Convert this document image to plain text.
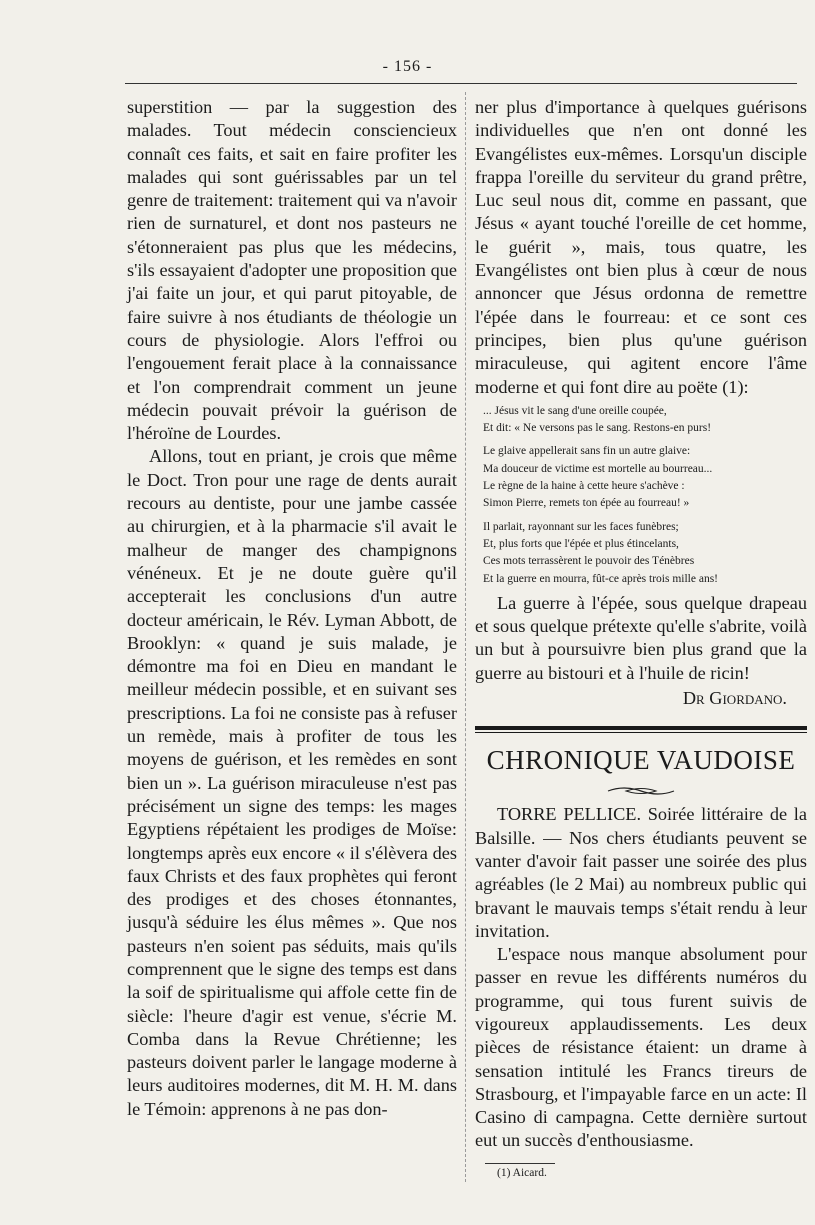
- 156 -

superstition — par la suggestion des malades. Tout médecin consciencieux connaît ces faits, et sait en faire profiter les malades qui sont guérissables par un tel genre de traitement: traitement qui va n'avoir rien de surnaturel, et dont nos pasteurs ne s'étonneraient pas plus que les médecins, s'ils essayaient d'adopter une proposition que j'ai faite un jour, et qui parut pitoyable, de faire suivre à nos étudiants de théologie un cours de physiologie. Alors l'effroi ou l'engouement ferait place à la connaissance et l'on comprendrait comment un jeune médecin pouvait prévoir la guérison de l'héroïne de Lourdes.

Allons, tout en priant, je crois que même le Doct. Tron pour une rage de dents aurait recours au dentiste, pour une jambe cassée au chirurgien, et à la pharmacie s'il avait le malheur de manger des champignons vénéneux. Et je ne doute guère qu'il accepterait les conclusions d'un autre docteur américain, le Rév. Lyman Abbott, de Brooklyn: « quand je suis malade, je démontre ma foi en Dieu en mandant le meilleur médecin possible, et en suivant ses prescriptions. La foi ne consiste pas à refuser un remède, mais à profiter de tous les moyens de guérison, et les remèdes en sont bien un ». La guérison miraculeuse n'est pas précisément un signe des temps: les mages Egyptiens répétaient les prodiges de Moïse: longtemps après eux encore « il s'élèvera des faux Christs et des faux prophètes qui feront des prodiges et des choses étonnantes, jusqu'à séduire les élus mêmes ». Que nos pasteurs n'en soient pas séduits, mais qu'ils comprennent que le signe des temps est dans la soif de spiritualisme qui affole cette fin de siècle: l'heure d'agir est venue, s'écrie M. Comba dans la Revue Chrétienne; les pasteurs doivent parler le langage moderne à leurs auditoires modernes, dit M. H. M. dans le Témoin: apprenons à ne pas don-

ner plus d'importance à quelques guérisons individuelles que n'en ont donné les Evangélistes eux-mêmes. Lorsqu'un disciple frappa l'oreille du serviteur du grand prêtre, Luc seul nous dit, comme en passant, que Jésus « ayant touché l'oreille de cet homme, le guérit », mais, tous quatre, les Evangélistes ont bien plus à cœur de nous annoncer que Jésus ordonna de remettre l'épée dans le fourreau: et ce sont ces principes, bien plus qu'une guérison miraculeuse, qui agitent encore l'âme moderne et qui font dire au poëte (1):

... Jésus vit le sang d'une oreille coupée,
Et dit: « Ne versons pas le sang. Restons-en purs!
Le glaive appellerait sans fin un autre glaive:
Ma douceur de victime est mortelle au bourreau...
Le règne de la haine à cette heure s'achève :
Simon Pierre, remets ton épée au fourreau! »
Il parlait, rayonnant sur les faces funèbres;
Et, plus forts que l'épée et plus étincelants,
Ces mots terrassèrent le pouvoir des Ténèbres
Et la guerre en mourra, fût-ce après trois mille ans!

La guerre à l'épée, sous quelque drapeau et sous quelque prétexte qu'elle s'abrite, voilà un but à poursuivre bien plus grand que la guerre au bistouri et à l'huile de ricin!

Dr Giordano.
CHRONIQUE VAUDOISE

TORRE PELLICE. Soirée littéraire de la Balsille. — Nos chers étudiants peuvent se vanter d'avoir fait passer une soirée des plus agréables (le 2 Mai) au nombreux public qui bravant le mauvais temps s'était rendu à leur invitation.

L'espace nous manque absolument pour passer en revue les différents numéros du programme, qui tous furent suivis de vigoureux applaudissements. Les deux pièces de résistance étaient: un drame à sensation intitulé les Francs tireurs de Strasbourg, et l'impayable farce en un acte: Il Casino di campagna. Cette dernière surtout eut un succès d'enthousiasme.

(1) Aicard.
